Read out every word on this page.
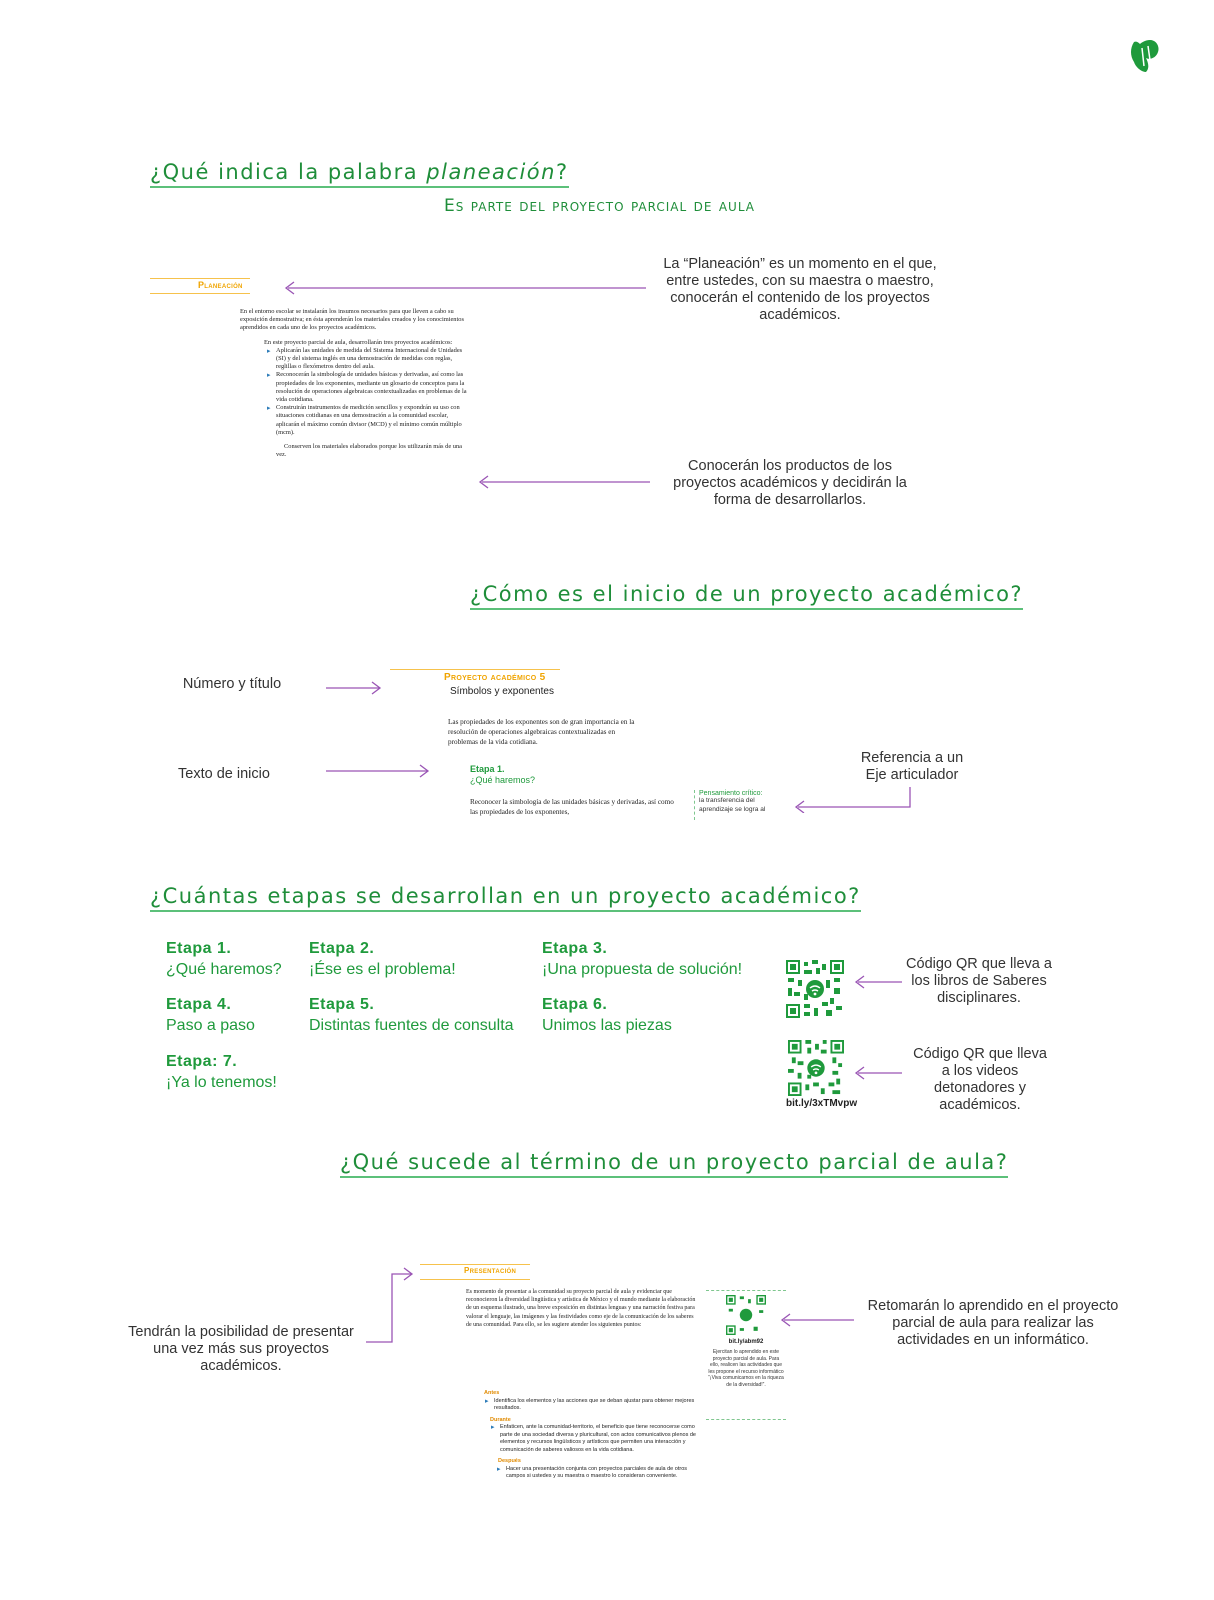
¿Qué indica la palabra planeación?
Es parte del proyecto parcial de aula
Planeación
En el entorno escolar se instalarán los insumos necesarios para que lleven a cabo su exposición demostrativa; en ésta aprenderán los materiales creados y los conocimientos aprendidos en cada uno de los proyectos académicos.
En este proyecto parcial de aula, desarrollarán tres proyectos académicos:
▸ Aplicarán las unidades de medida del Sistema Internacional de Unidades (SI) y del sistema inglés en una demostración de medidas con reglas, reglillas o flexómetros dentro del aula.
▸ Reconocerán la simbología de unidades básicas y derivadas, así como las propiedades de los exponentes, mediante un glosario de conceptos para la resolución de operaciones algebraicas contextualizadas en problemas de la vida cotidiana.
▸ Construirán instrumentos de medición sencillos y expondrán su uso con situaciones cotidianas en una demostración a la comunidad escolar, aplicarán el máximo común divisor (MCD) y el mínimo común múltiplo (mcm).
Conserven los materiales elaborados porque los utilizarán más de una vez.
La “Planeación” es un momento en el que, entre ustedes, con su maestra o maestro, conocerán el contenido de los proyectos académicos.
Conocerán los productos de los proyectos académicos y decidirán la forma de desarrollarlos.
¿Cómo es el inicio de un proyecto académico?
Número y título	Proyecto académico 5
Símbolos y exponentes
Las propiedades de los exponentes son de gran importancia en la resolución de operaciones algebraicas contextualizadas en problemas de la vida cotidiana.
Texto de inicio	Etapa 1.
¿Qué haremos?
Reconocer la simbología de las unidades básicas y derivadas, así como las propiedades de los exponentes,
Pensamiento crítico:
la transferencia del aprendizaje se logra al
Referencia a un Eje articulador
¿Cuántas etapas se desarrollan en un proyecto académico?
Etapa 1.
¿Qué haremos?
Etapa 2.
¡Ése es el problema!
Etapa 3.
¡Una propuesta de solución!
Etapa 4.
Paso a paso
Etapa 5.
Distintas fuentes de consulta
Etapa 6.
Unimos las piezas
Etapa: 7.
¡Ya lo tenemos!
Código QR que lleva a los libros de Saberes disciplinares.
bit.ly/3xTMvpw
Código QR que lleva a los videos detonadores y académicos.
¿Qué sucede al término de un proyecto parcial de aula?
Tendrán la posibilidad de presentar una vez más sus proyectos académicos.
Presentación
Es momento de presentar a la comunidad su proyecto parcial de aula y evidenciar que reconocieron la diversidad lingüística y artística de México y el mundo mediante la elaboración de un esquema ilustrado, una breve exposición en distintas lenguas y una narración festiva para valorar el lenguaje, las imágenes y las festividades como eje de la comunicación de los saberes de una comunidad. Para ello, se les sugiere atender los siguientes puntos:
Antes
▸ Identifica los elementos y las acciones que se deban ajustar para obtener mejores resultados.
Durante
▸ Enfaticen, ante la comunidad-territorio, el beneficio que tiene reconocerse como parte de una sociedad diversa y pluricultural, con actos comunicativos plenos de elementos y recursos lingüísticos y artísticos que permiten una interacción y comunicación de saberes valiosos en la vida cotidiana.
Después
▸ Hacer una presentación conjunta con proyectos parciales de aula de otros campos si ustedes y su maestra o maestro lo consideran conveniente.
bit.ly/abm92
Ejercitan lo aprendido en este proyecto parcial de aula. Para ello, realicen las actividades que les propone el recurso informático “¡Viva comunicarnos en la riqueza de la diversidad!”.
Retomarán lo aprendido en el proyecto parcial de aula para realizar las actividades en un informático.
